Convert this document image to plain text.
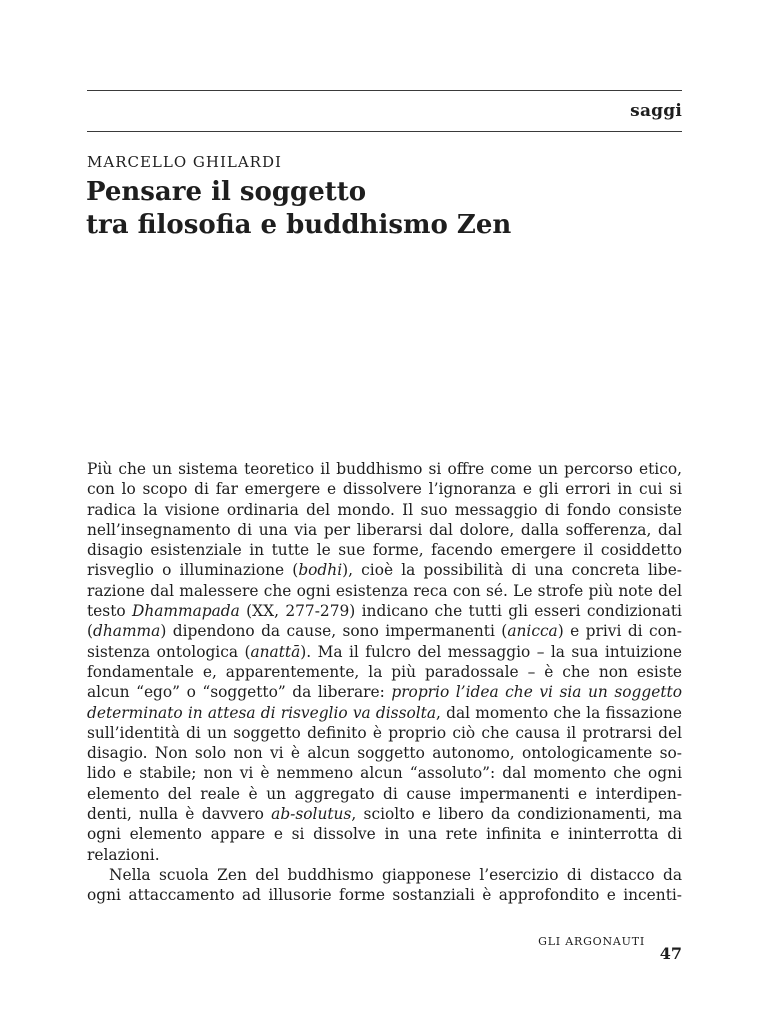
saggi
MARCELLO GHILARDI
Pensare il soggetto
tra filosofia e buddhismo Zen
Più che un sistema teoretico il buddhismo si offre come un percorso etico,
con lo scopo di far emergere e dissolvere l’ignoranza e gli errori in cui si
radica la visione ordinaria del mondo. Il suo messaggio di fondo consiste
nell’insegnamento di una via per liberarsi dal dolore, dalla sofferenza, dal
disagio esistenziale in tutte le sue forme, facendo emergere il cosiddetto
risveglio o illuminazione (bodhi), cioè la possibilità di una concreta libe-
razione dal malessere che ogni esistenza reca con sé. Le strofe più note del
testo Dhammapada (XX, 277-279) indicano che tutti gli esseri condizionati
(dhamma) dipendono da cause, sono impermanenti (anicca) e privi di con-
sistenza ontologica (anattā). Ma il fulcro del messaggio – la sua intuizione
fondamentale e, apparentemente, la più paradossale – è che non esiste
alcun “ego” o “soggetto” da liberare: proprio l’idea che vi sia un soggetto
determinato in attesa di risveglio va dissolta, dal momento che la fissazione
sull’identità di un soggetto definito è proprio ciò che causa il protrarsi del
disagio. Non solo non vi è alcun soggetto autonomo, ontologicamente so-
lido e stabile; non vi è nemmeno alcun “assoluto”: dal momento che ogni
elemento del reale è un aggregato di cause impermanenti e interdipen-
denti, nulla è davvero ab-solutus, sciolto e libero da condizionamenti, ma
ogni elemento appare e si dissolve in una rete infinita e ininterrotta di
relazioni.
Nella scuola Zen del buddhismo giapponese l’esercizio di distacco da
ogni attaccamento ad illusorie forme sostanziali è approfondito e incenti-
GLI ARGONAUTI
47
